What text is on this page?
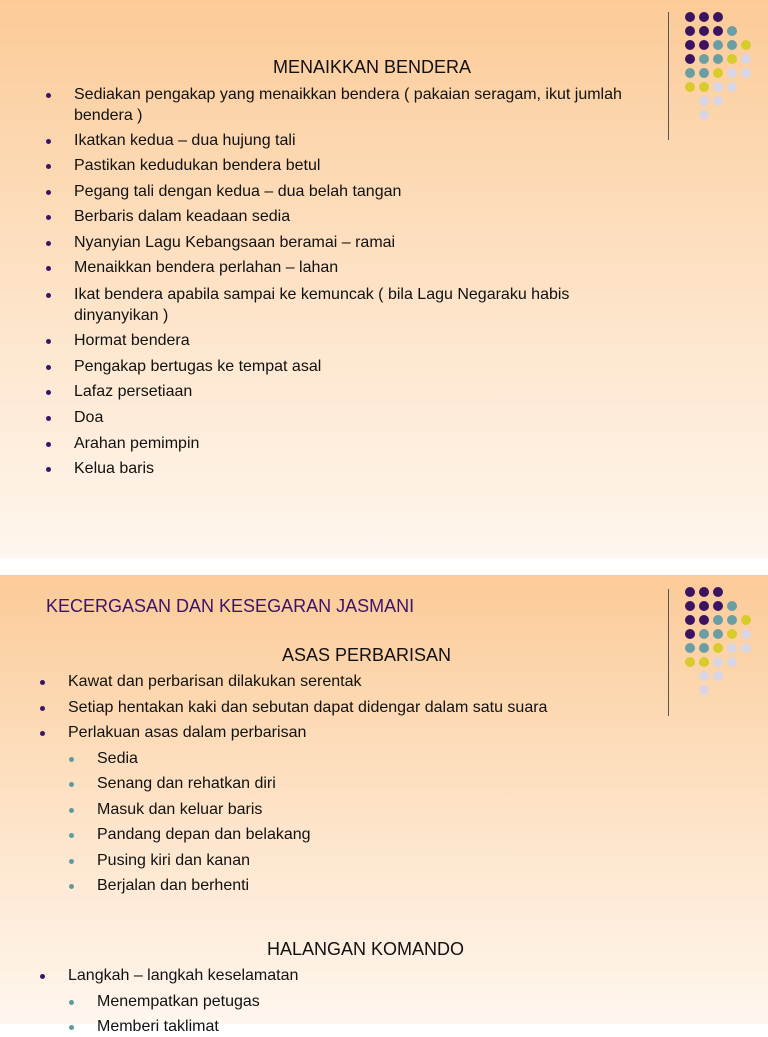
MENAIKKAN BENDERA
Sediakan pengakap yang menaikkan bendera ( pakaian seragam, ikut jumlah
bendera )
Ikatkan kedua – dua hujung tali
Pastikan kedudukan bendera betul
Pegang tali dengan kedua – dua belah tangan
Berbaris dalam keadaan sedia
Nyanyian Lagu Kebangsaan beramai – ramai
Menaikkan bendera perlahan – lahan
Ikat bendera apabila sampai ke kemuncak ( bila Lagu Negaraku habis
dinyanyikan )
Hormat bendera
Pengakap bertugas ke tempat asal
Lafaz persetiaan
Doa
Arahan pemimpin
Kelua baris
KECERGASAN DAN KESEGARAN JASMANI
ASAS PERBARISAN
HALANGAN KOMANDO
Kawat dan perbarisan dilakukan serentak
Setiap hentakan kaki dan sebutan dapat didengar dalam satu suara
Perlakuan asas dalam perbarisan
Sedia
Senang dan rehatkan diri
Masuk dan keluar baris
Pandang depan dan belakang
Pusing kiri dan kanan
Berjalan dan berhenti
Langkah – langkah keselamatan
Menempatkan petugas
Memberi taklimat
